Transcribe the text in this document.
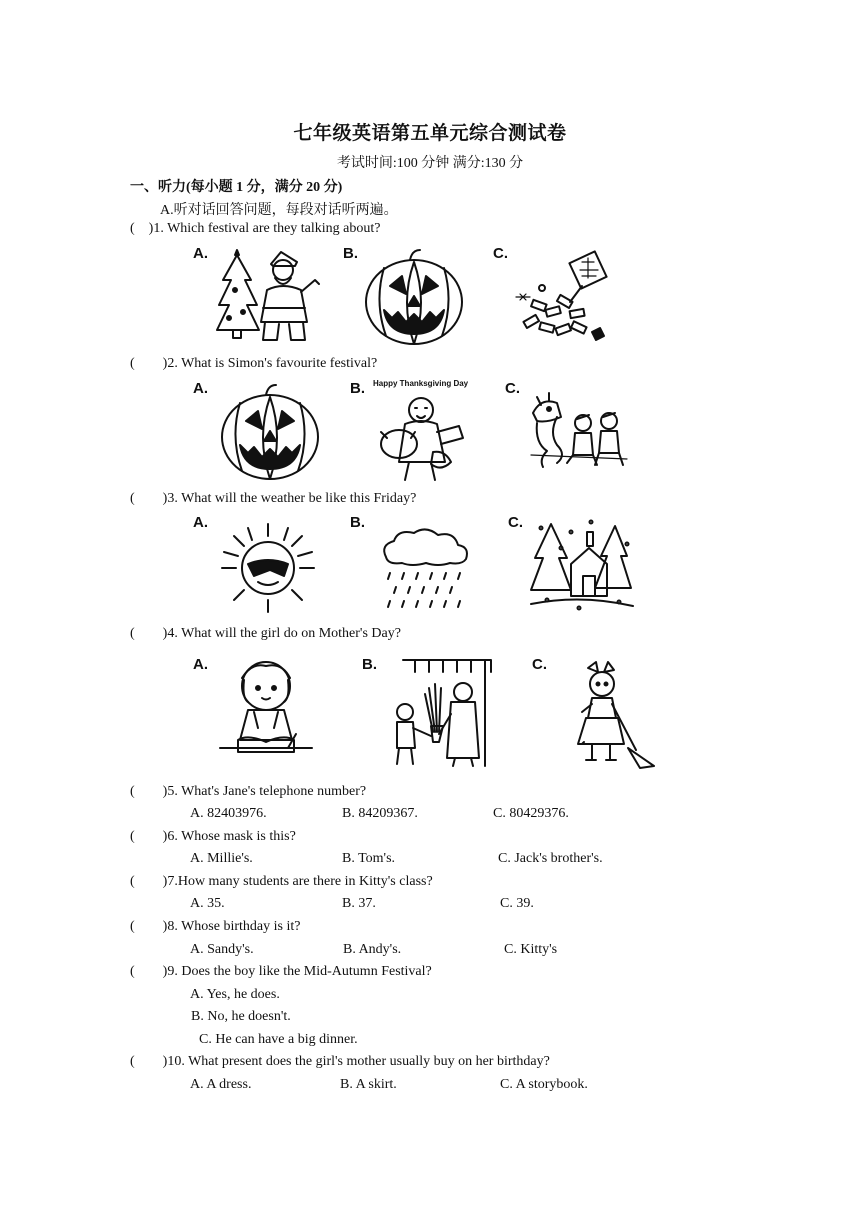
七年级英语第五单元综合测试卷
考试时间:100 分钟 满分:130 分
一、听力(每小题 1 分，满分 20 分)
A.听对话回答问题，每段对话听两遍。
(    )1. Which festival are they talking about?
A.	B.	C.
(        )2. What is Simon's favourite festival?
A.	B.	C.
Happy Thanksgiving Day
(        )3. What will the weather be like this Friday?
A.	B.	C.
(        )4. What will the girl do on Mother's Day?
A.	B.	C.
(        )5. What's Jane's telephone number?
A. 82403976.	B. 84209367.	C. 80429376.
(        )6. Whose mask is this?
A. Millie's.	B. Tom's.	C. Jack's brother's.
(        )7.How many students are there in Kitty's class?
A. 35.	B. 37.	C. 39.
(        )8. Whose birthday is it?
A. Sandy's.	B. Andy's.	C. Kitty's
(        )9. Does the boy like the Mid-Autumn Festival?
A. Yes, he does.
B. No, he doesn't.
C. He can have a big dinner.
(        )10. What present does the girl's mother usually buy on her birthday?
A. A dress.	B. A skirt.	C. A storybook.
